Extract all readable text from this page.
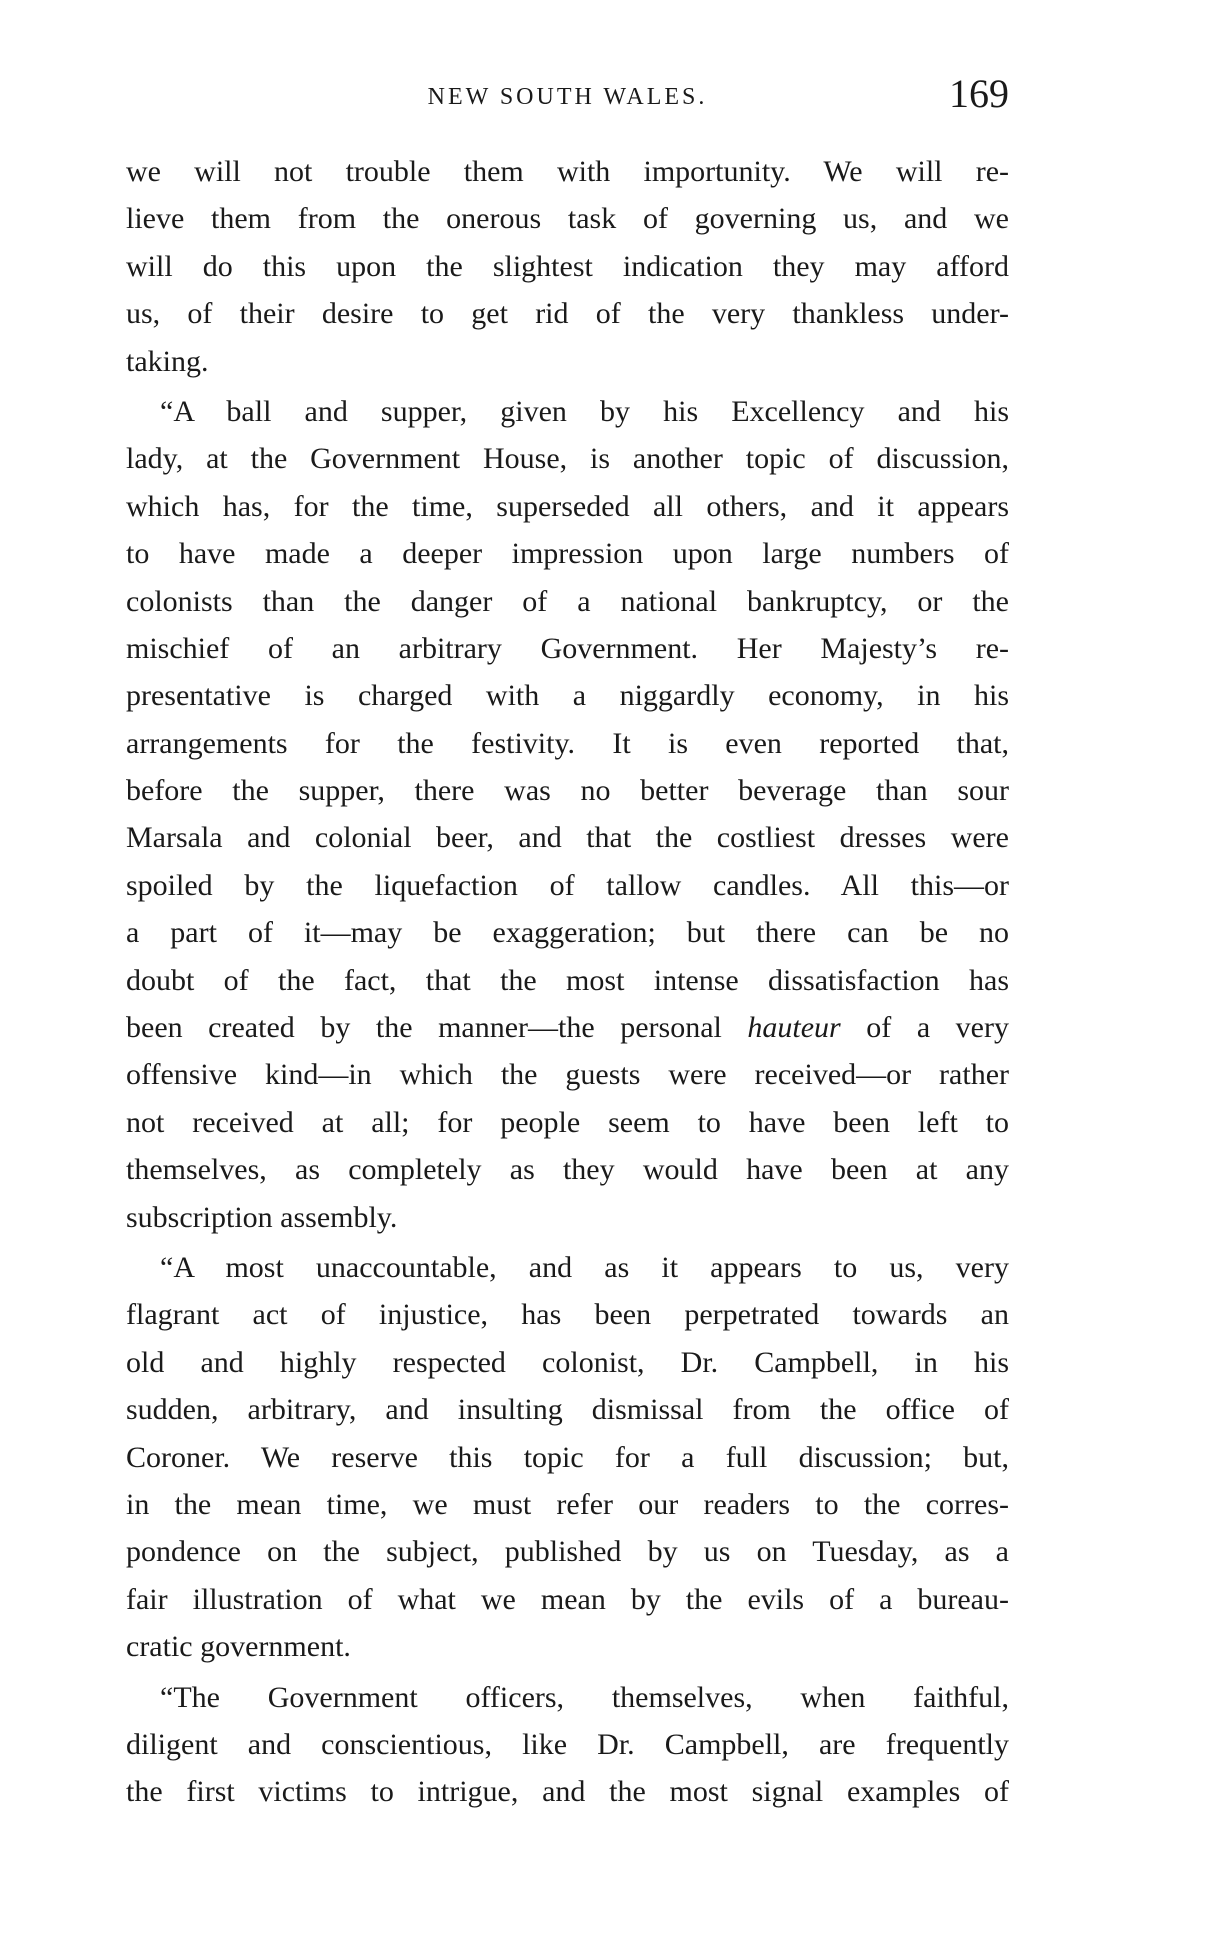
NEW SOUTH WALES.	169
we will not trouble them with importunity. We will re-
lieve them from the onerous task of governing us, and we
will do this upon the slightest indication they may afford
us, of their desire to get rid of the very thankless under-
taking.
“A ball and supper, given by his Excellency and his
lady, at the Government House, is another topic of discussion,
which has, for the time, superseded all others, and it appears
to have made a deeper impression upon large numbers of
colonists than the danger of a national bankruptcy, or the
mischief of an arbitrary Government. Her Majesty’s re-
presentative is charged with a niggardly economy, in his
arrangements for the festivity. It is even reported that,
before the supper, there was no better beverage than sour
Marsala and colonial beer, and that the costliest dresses were
spoiled by the liquefaction of tallow candles. All this—or
a part of it—may be exaggeration; but there can be no
doubt of the fact, that the most intense dissatisfaction has
been created by the manner—the personal hauteur of a very
offensive kind—in which the guests were received—or rather
not received at all; for people seem to have been left to
themselves, as completely as they would have been at any
subscription assembly.
“A most unaccountable, and as it appears to us, very
flagrant act of injustice, has been perpetrated towards an
old and highly respected colonist, Dr. Campbell, in his
sudden, arbitrary, and insulting dismissal from the office of
Coroner. We reserve this topic for a full discussion; but,
in the mean time, we must refer our readers to the corres-
pondence on the subject, published by us on Tuesday, as a
fair illustration of what we mean by the evils of a bureau-
cratic government.
“The Government officers, themselves, when faithful,
diligent and conscientious, like Dr. Campbell, are frequently
the first victims to intrigue, and the most signal examples of
